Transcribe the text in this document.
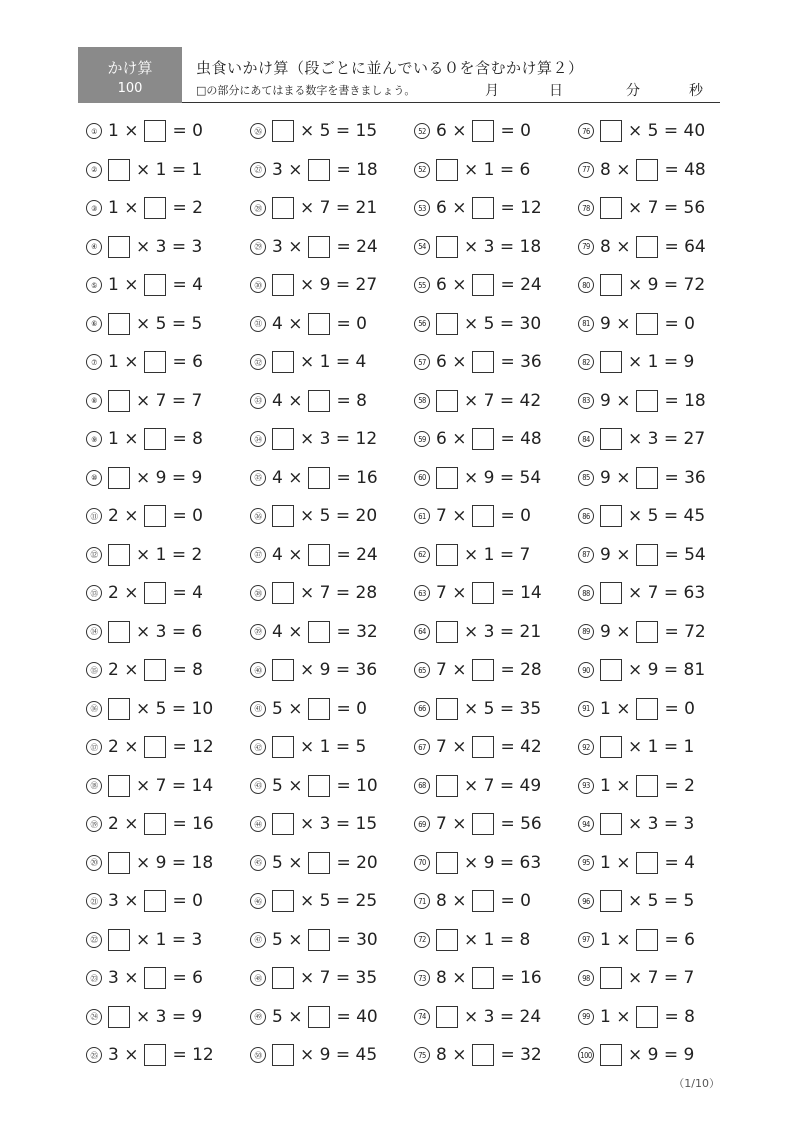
かけ算
100
虫食いかけ算（段ごとに並んでいる０を含むかけ算２）
□の部分にあてはまる数字を書きましょう。	月	日	分	秒
① 1 × = 0
②	× 1 = 1
③ 1 × = 2
④	× 3 = 3
⑤ 1 × = 4
⑥	× 5 = 5
⑦ 1 × = 6
⑧	× 7 = 7
⑨ 1 × = 8
⑩	× 9 = 9
⑪ 2 × = 0
⑫ × 1 = 2
⑬ 2 × = 4
⑭ × 3 = 6
⑮ 2 × = 8
⑯ × 5 = 10
⑰ 2 × = 12
⑱ × 7 = 14
⑲ 2 × = 16
⑳ × 9 = 18
㉑ 3 × = 0
㉒ × 1 = 3
㉓ 3 × = 6
㉔ × 3 = 9
㉕ 3 × = 12
㉖ × 5 = 15
㉗ 3 × = 18
㉘ × 7 = 21
㉙ 3 × = 24
㉚ × 9 = 27
㉛ 4 × = 0
㉜ × 1 = 4
㉝ 4 × = 8
㉞ × 3 = 12
㉟ 4 × = 16
㊱ × 5 = 20
㊲ 4 × = 24
㊳ × 7 = 28
㊴ 4 × = 32
㊵ × 9 = 36
㊶ 5 × = 0
㊷ × 1 = 5
㊸ 5 × = 10
㊹ × 3 = 15
㊺ 5 × = 20
㊻ × 5 = 25
㊼ 5 × = 30
㊽ × 7 = 35
㊾ 5 × = 40
㊿ × 9 = 45
52 6 × = 0
52 × 1 = 6
53 6 × = 12
54 × 3 = 18
55 6 × = 24
56 × 5 = 30
57 6 × = 36
58 × 7 = 42
59 6 × = 48
60 × 9 = 54
61 7 × = 0
62 × 1 = 7
63 7 × = 14
64 × 3 = 21
65 7 × = 28
66 × 5 = 35
67 7 × = 42
68 × 7 = 49
69 7 × = 56
70 × 9 = 63
71 8 × = 0
72 × 1 = 8
73 8 × = 16
74 × 3 = 24
75 8 × = 32
76 × 5 = 40
77 8 × = 48
78 × 7 = 56
79 8 × = 64
80 × 9 = 72
81 9 × = 0
82 × 1 = 9
83 9 × = 18
84 × 3 = 27
85 9 × = 36
86 × 5 = 45
87 9 × = 54
88 × 7 = 63
89 9 × = 72
90 × 9 = 81
91 1 × = 0
92 × 1 = 1
93 1 × = 2
94 × 3 = 3
95 1 × = 4
96 × 5 = 5
97 1 × = 6
98 × 7 = 7
99 1 × = 8
100 × 9 = 9
（1/10）
